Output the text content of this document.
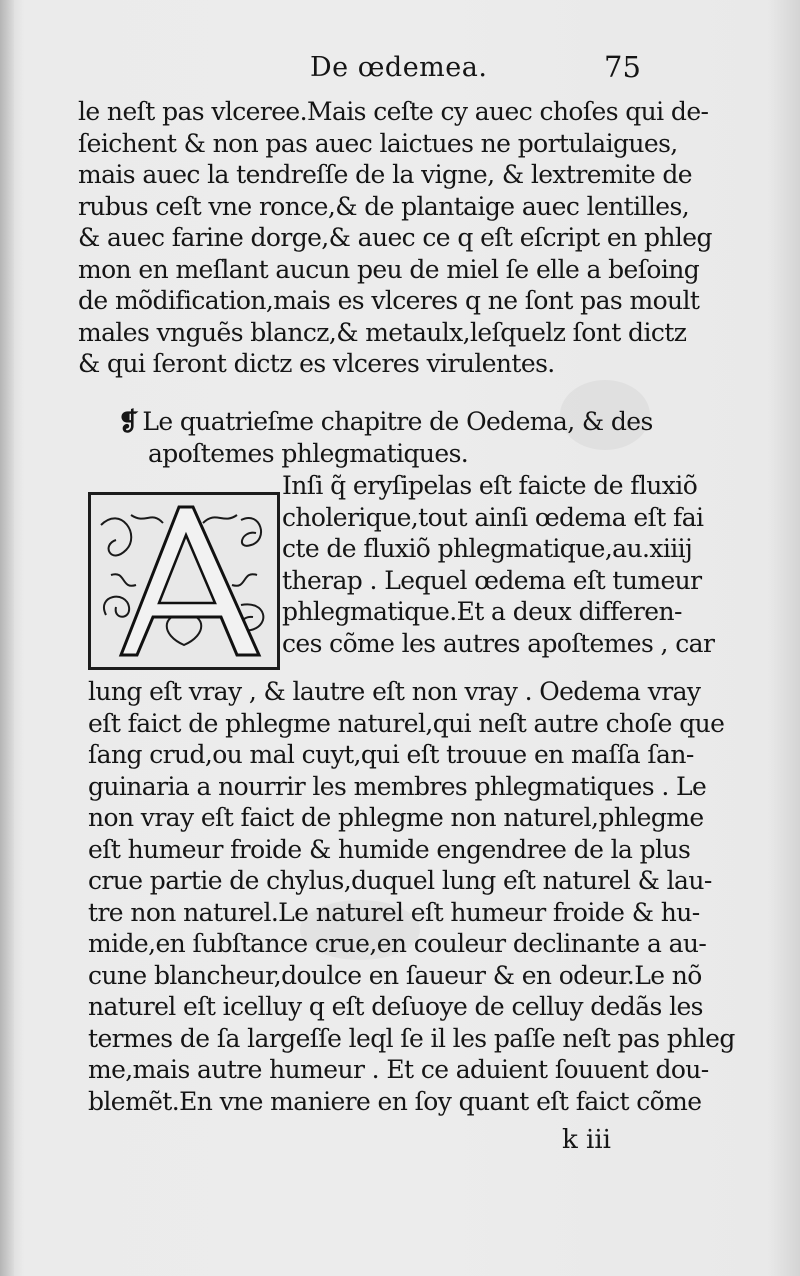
De œdemea.	75
le neſt pas vlceree.Mais ceſte cy auec choſes qui de-
ſeichent & non pas auec laictues ne portulaigues,
mais auec la tendreſſe de la vigne, & lextremite de
rubus ceſt vne ronce,& de plantaige auec lentilles,
& auec farine dorge,& auec ce q eſt eſcript en phleg
mon en meſlant aucun peu de miel ſe elle a beſoing
de mõdification,mais es vlceres q ne ſont pas moult
males vnguẽs blancz,& metaulx,leſquelz ſont dictz
& qui ſeront dictz es vlceres virulentes.
❡ Le quatrieſme chapitre de Oedema, & des
apoſtemes phlegmatiques.
Inſi q̃ eryſipelas eſt faicte de fluxiõ
cholerique,tout ainſi œdema eſt fai
cte de fluxiõ phlegmatique,au.xiiij
therap . Lequel œdema eſt tumeur
phlegmatique.Et a deux differen-
ces cõme les autres apoſtemes , car
lung eſt vray , & lautre eſt non vray . Oedema vray
eſt faict de phlegme naturel,qui neſt autre choſe que
ſang crud,ou mal cuyt,qui eſt trouue en maſſa ſan-
guinaria a nourrir les membres phlegmatiques . Le
non vray eſt faict de phlegme non naturel,phlegme
eſt humeur froide & humide engendree de la plus
crue partie de chylus,duquel lung eſt naturel & lau-
tre non naturel.Le naturel eſt humeur froide & hu-
mide,en ſubſtance crue,en couleur declinante a au-
cune blancheur,doulce en ſaueur & en odeur.Le nõ
naturel eſt icelluy q eſt deſuoye de celluy dedãs les
termes de ſa largeſſe leql ſe il les paſſe neſt pas phleg
me,mais autre humeur . Et ce aduient ſouuent dou-
blemẽt.En vne maniere en ſoy quant eſt faict cõme
k iii
